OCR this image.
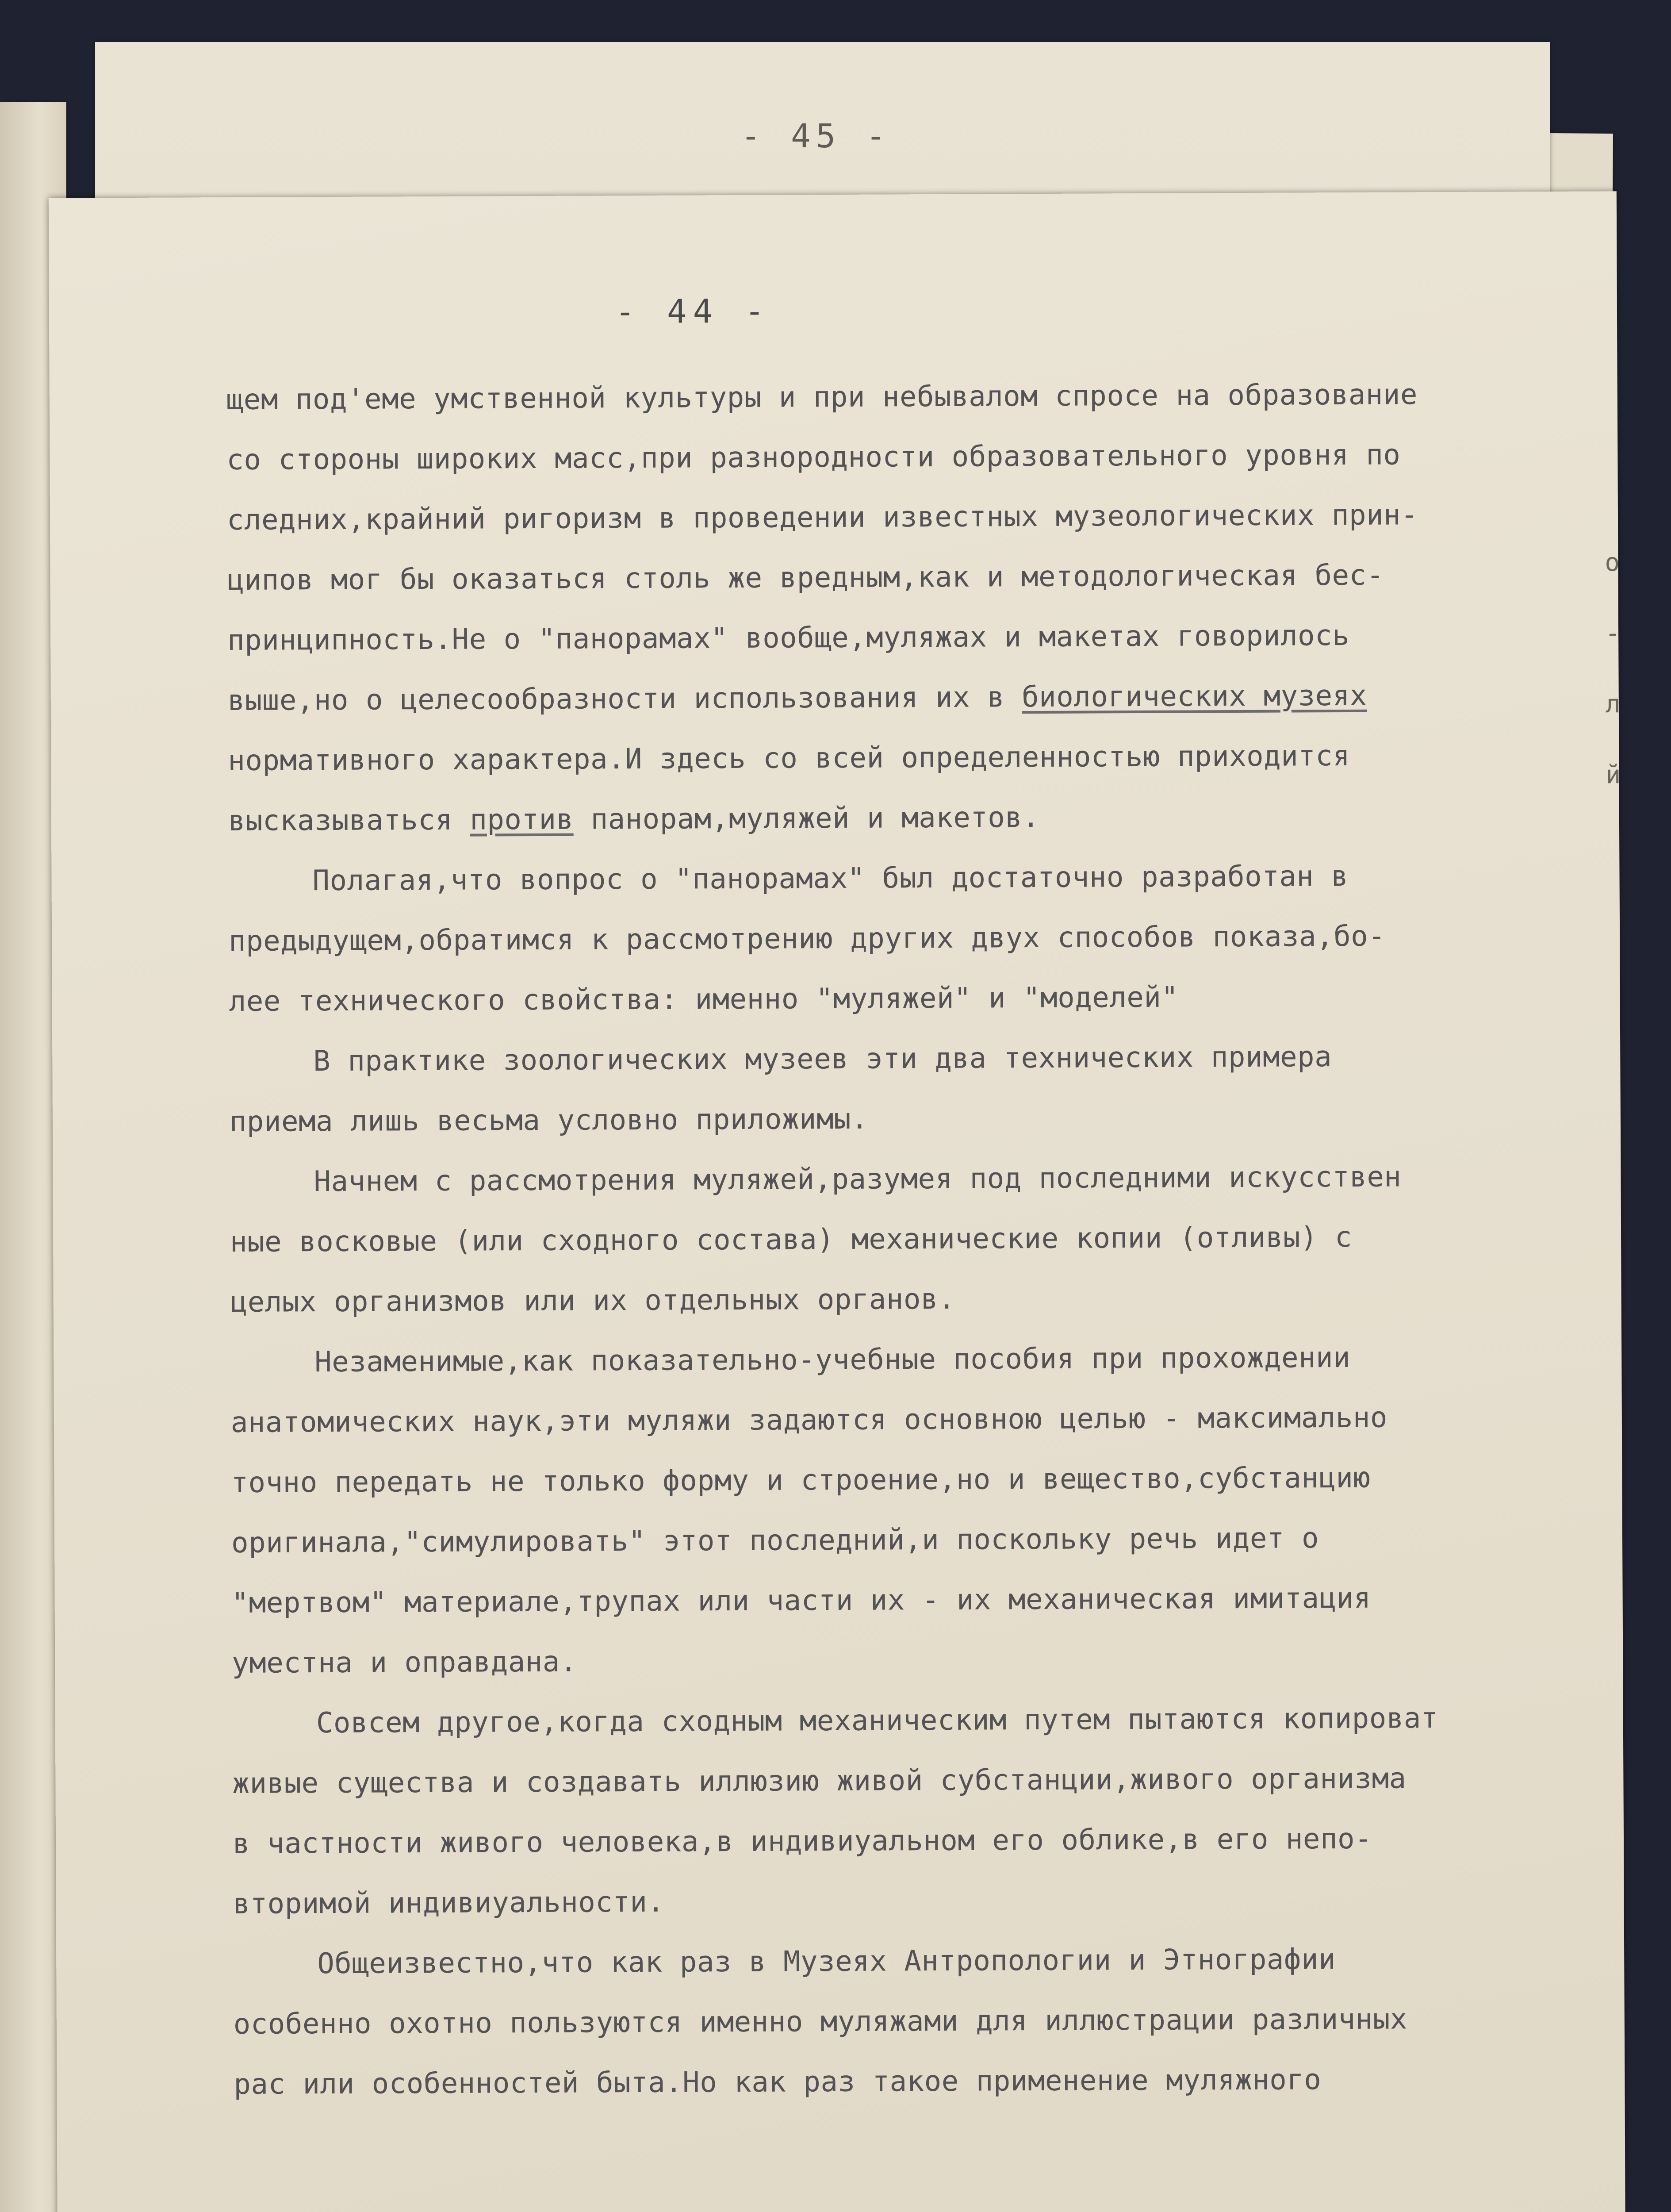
- 45 -
- 44 -
щем под'еме умственной культуры и при небывалом спросе на образование
со стороны широких масс,при разнородности образовательного уровня по
следних,крайний ригоризм в проведении известных музеологических прин-
ципов мог бы оказаться столь же вредным,как и методологическая бес-
принципность.Не о "панорамах" вообще,муляжах и макетах говорилось
выше,но о целесообразности использования их в биологических музеях
нормативного характера.И здесь со всей определенностью приходится
высказываться против панорам,муляжей и макетов.
Полагая,что вопрос о "панорамах" был достаточно разработан в
предыдущем,обратимся к рассмотрению других двух способов показа,бо-
лее технического свойства: именно "муляжей" и "моделей"
В практике зоологических музеев эти два технических примера
приема лишь весьма условно приложимы.
Начнем с рассмотрения муляжей,разумея под последними искусствен
ные восковые (или сходного состава) механические копии (отливы) с
целых организмов или их отдельных органов.
Незаменимые,как показательно-учебные пособия при прохождении
анатомических наук,эти муляжи задаются основною целью - максимально
точно передать не только форму и строение,но и вещество,субстанцию
оригинала,"симулировать" этот последний,и поскольку речь идет о
"мертвом" материале,трупах или части их - их механическая имитация
уместна и оправдана.
Совсем другое,когда сходным механическим путем пытаются копироват
живые существа и создавать иллюзию живой субстанции,живого организма
в частности живого человека,в индивиуальном его облике,в его непо-
вторимой индивиуальности.
Общеизвестно,что как раз в Музеях Антропологии и Этнографии
особенно охотно пользуются именно муляжами для иллюстрации различных
рас или особенностей быта.Но как раз такое применение муляжного
о
-
л
й
